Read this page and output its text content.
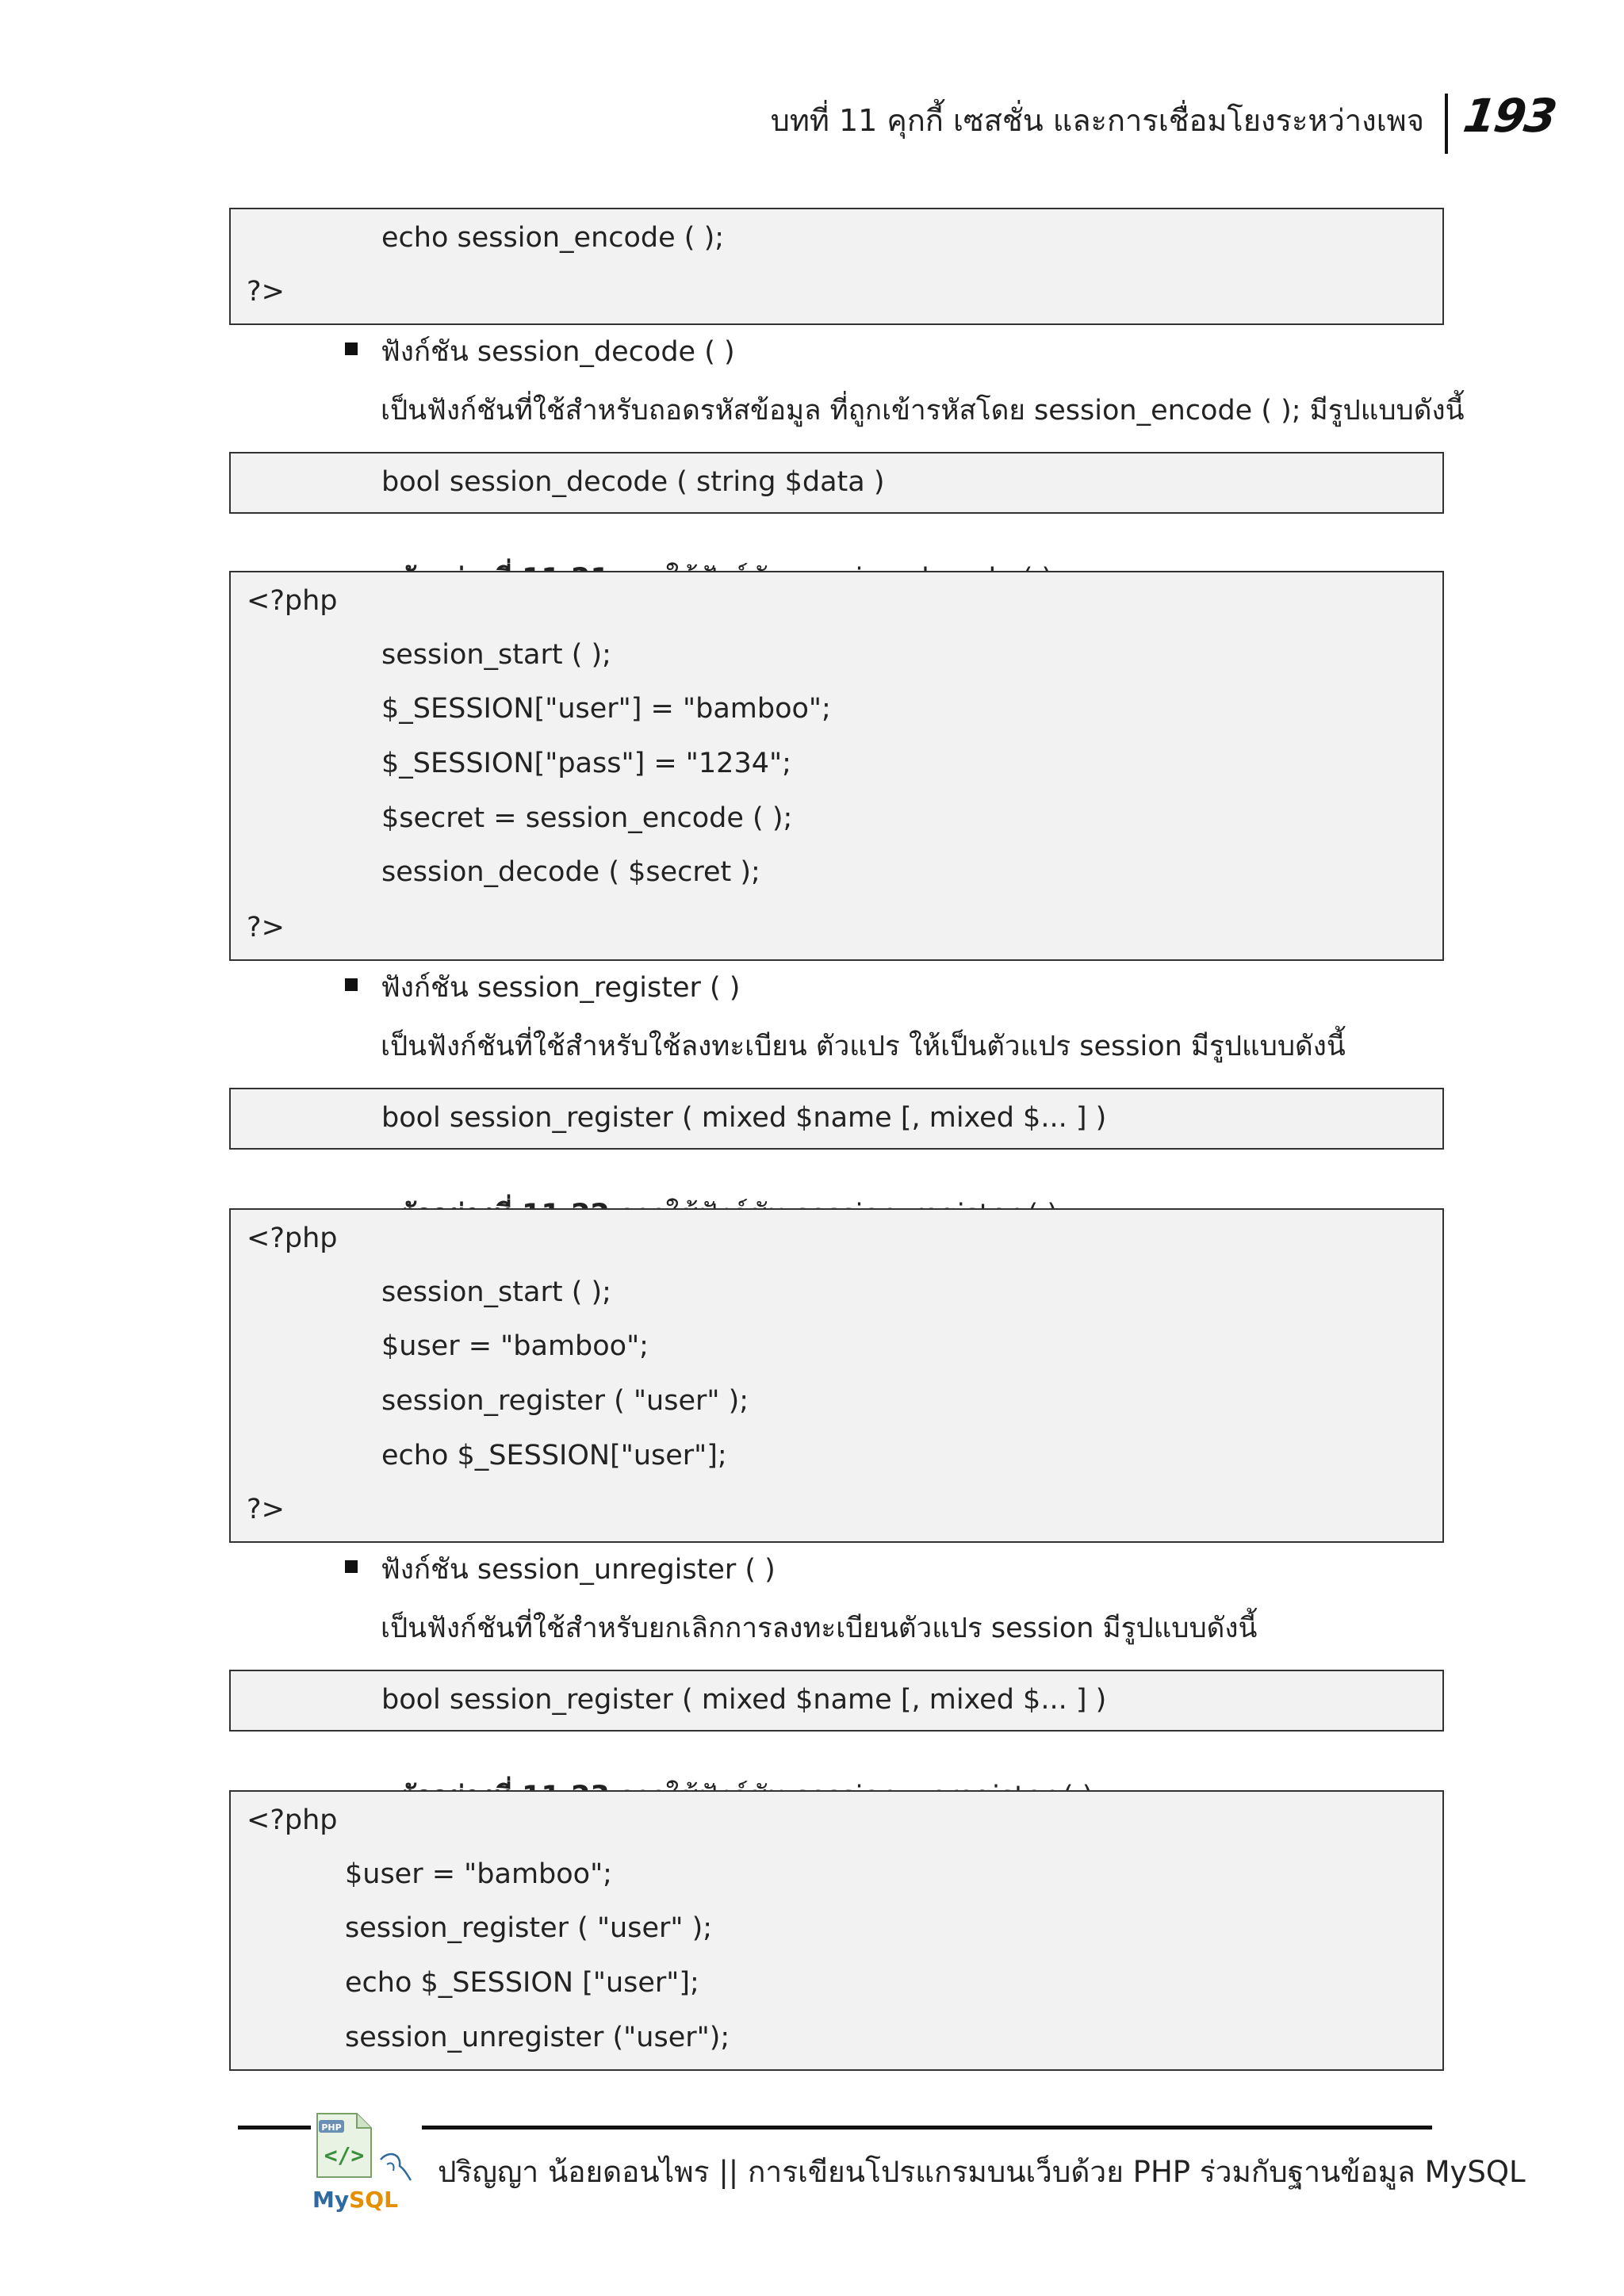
บทที่ 11 คุกกี้ เซสชั่น และการเชื่อมโยงระหว่างเพจ 193
echo session_encode ( );
?>
ฟังก์ชัน session_decode ( )
เป็นฟังก์ชันที่ใช้สำหรับถอดรหัสข้อมูล ที่ถูกเข้ารหัสโดย session_encode ( ); มีรูปแบบดังนี้
bool session_decode ( string $data )

<?php
session_start ( );
$_SESSION["user"] = "bamboo";
$_SESSION["pass"] = "1234";
$secret = session_encode ( );
session_decode ( $secret );
?>
ฟังก์ชัน session_register ( )
เป็นฟังก์ชันที่ใช้สำหรับใช้ลงทะเบียน ตัวแปร ให้เป็นตัวแปร session มีรูปแบบดังนี้
bool session_register ( mixed $name [, mixed $... ] )

<?php
session_start ( );
$user = "bamboo";
session_register ( "user" );
echo $_SESSION["user"];
?>
ฟังก์ชัน session_unregister ( )
เป็นฟังก์ชันที่ใช้สำหรับยกเลิกการลงทะเบียนตัวแปร session มีรูปแบบดังนี้
bool session_register ( mixed $name [, mixed $... ] )

<?php
$user = "bamboo";
session_register ( "user" );
echo $_SESSION ["user"];
session_unregister ("user");
PHP
</>
MySQL
ปริญญา น้อยดอนไพร || การเขียนโปรแกรมบนเว็บด้วย PHP ร่วมกับฐานข้อมูล MySQL
